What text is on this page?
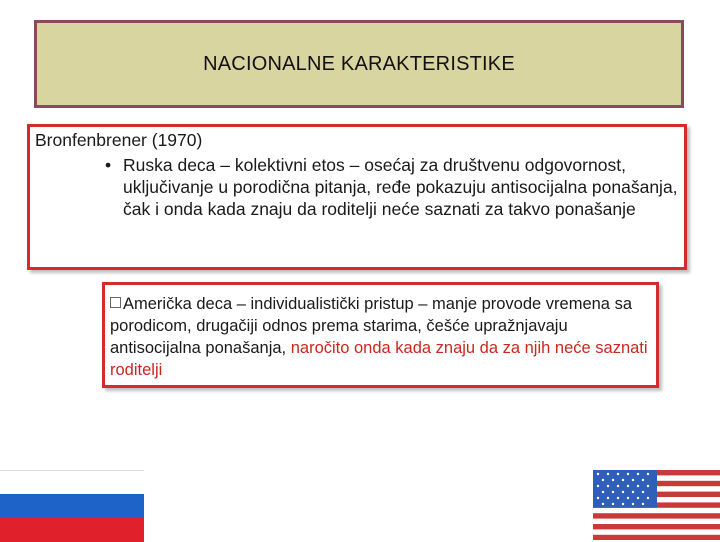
NACIONALNE KARAKTERISTIKE
Bronfenbrener (1970)
• Ruska deca – kolektivni etos – osećaj za društvenu odgovornost, uključivanje u porodična pitanja, ređe pokazuju antisocijalna ponašanja, čak i onda kada znaju da roditelji neće saznati za takvo ponašanje
Američka deca – individualistički pristup – manje provode vremena sa porodicom, drugačiji odnos prema starima, češće upražnjavaju antisocijalna ponašanja, naročito onda kada znaju da za njih neće saznati roditelji
